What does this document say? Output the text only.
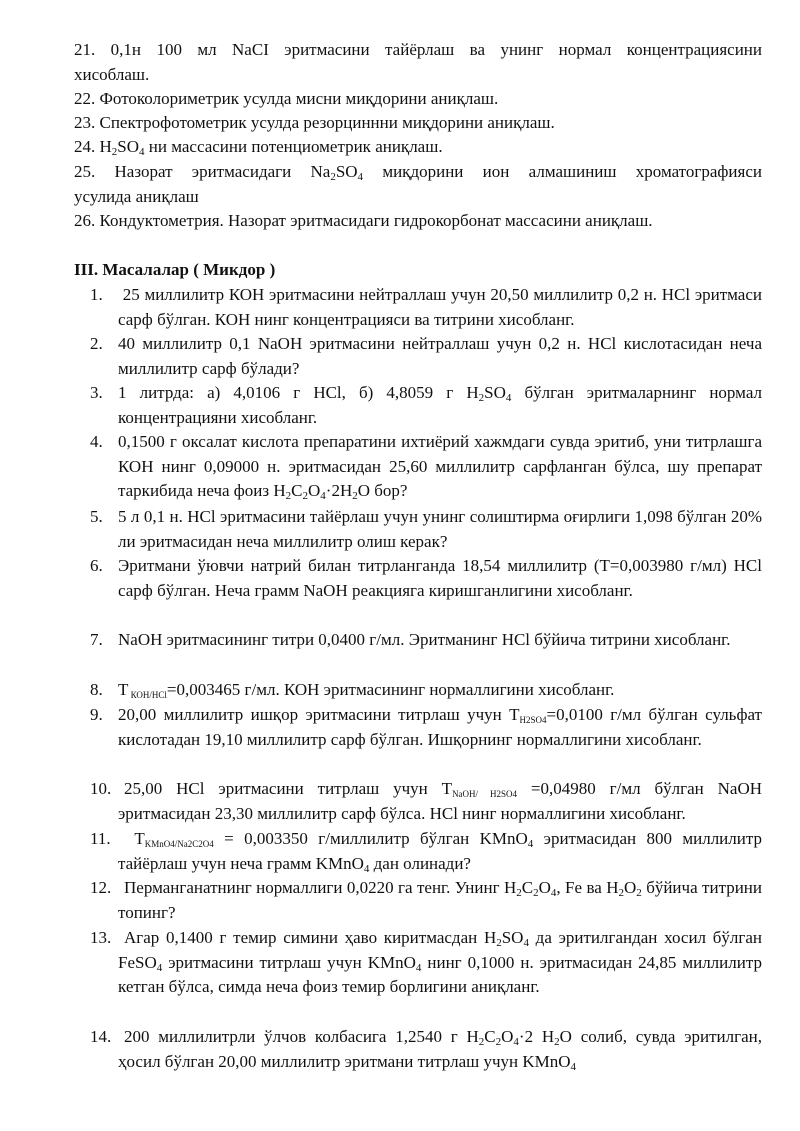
21. 0,1н 100 мл NaCI эритмасини тайёрлаш ва унинг нормал концентрациясини
хисоблаш.
22. Фотоколориметрик усулда мисни миқдорини аниқлаш.
23. Спектрофотометрик усулда резорциннни миқдорини аниқлаш.
24. $H_2SO_4$ ни массасини потенциометрик аниқлаш.
25. Назорат эритмасидаги $Na_2SO_4$ миқдорини ион алмашиниш хроматографияси
усулида аниқлаш
26. Кондуктометрия. Назорат эритмасидаги гидрокорбонат массасини аниқлаш.
III. Масалалар ( Микдор )
1. 25 миллилитр КОН эритмасини нейтраллаш учун 20,50 миллилитр 0,2 н. HCl эритмаси сарф бўлган. КОН нинг концентрацияси ва титрини хисобланг.
2. 40 миллилитр 0,1 NaOH эритмасини нейтраллаш учун 0,2 н. HCl кислотасидан неча миллилитр сарф бўлади?
3. 1 литрда: а) 4,0106 г HCl, б) 4,8059 г $H_2SO_4$ бўлган эритмаларнинг нормал концентрацияни хисобланг.
4. 0,1500 г оксалат кислота препаратини ихтиёрий хажмдаги сувда эритиб, уни титрлашга КОН нинг 0,09000 н. эритмасидан 25,60 миллилитр сарфланган бўлса, шу препарат таркибида неча фоиз $H_2C_2O_4\cdot 2H_2O$ бор?
5. 5 л 0,1 н. HCl эритмасини тайёрлаш учун унинг солиштирма оғирлиги 1,098 бўлган 20% ли эритмасидан неча миллилитр олиш керак?
6. Эритмани ўювчи натрий билан титрланганда 18,54 миллилитр (Т=0,003980 г/мл) HCl сарф бўлган. Неча грамм NaOH реакцияга киришганлигини хисобланг.
7. NaOH эритмасининг титри 0,0400 г/мл. Эритманинг HCl бўйича титрини хисобланг.
8. Т $_{КОН/HCl}$=0,003465 г/мл. КОН эритмасининг нормаллигини хисобланг.
9. 20,00 миллилитр ишқор эритмасини титрлаш учун $Т_{H2SO4}=0,0100$ г/мл бўлган сульфат кислотадан 19,10 миллилитр сарф бўлган. Ишқорнинг нормаллигини хисобланг.
10. 25,00 HCl эритмасини титрлаш учун $Т_{NaOH/ H2SO4} =0,04980$ г/мл бўлган NaOH эритмасидан 23,30 миллилитр сарф бўлса. HCl нинг нормаллигини хисобланг.
11. $Т_{KMnO4/Na2C2O4} = 0,003350$ г/миллилитр бўлган KMnO$_4$ эритмасидан 800 миллилитр тайёрлаш учун неча грамм KMnO$_4$ дан олинади?
12. Перманганатнинг нормаллиги 0,0220 га тенг. Унинг $H_2C_2O_4$, Fe ва $H_2O_2$ бўйича титрини топинг?
13. Агар 0,1400 г темир симини ҳаво киритмасдан $H_2SO_4$ да эритилгандан хосил бўлган FeSO$_4$ эритмасини титрлаш учун KMnO$_4$ нинг 0,1000 н. эритмасидан 24,85 миллилитр кетган бўлса, симда неча фоиз темир борлигини аниқланг.
14. 200 миллилитрли ўлчов колбасига 1,2540 г $H_2C_2O_4\cdot 2$ $H_2O$ солиб, сувда эритилган, ҳосил бўлган 20,00 миллилитр эритмани титрлаш учун KMnO$_4$
